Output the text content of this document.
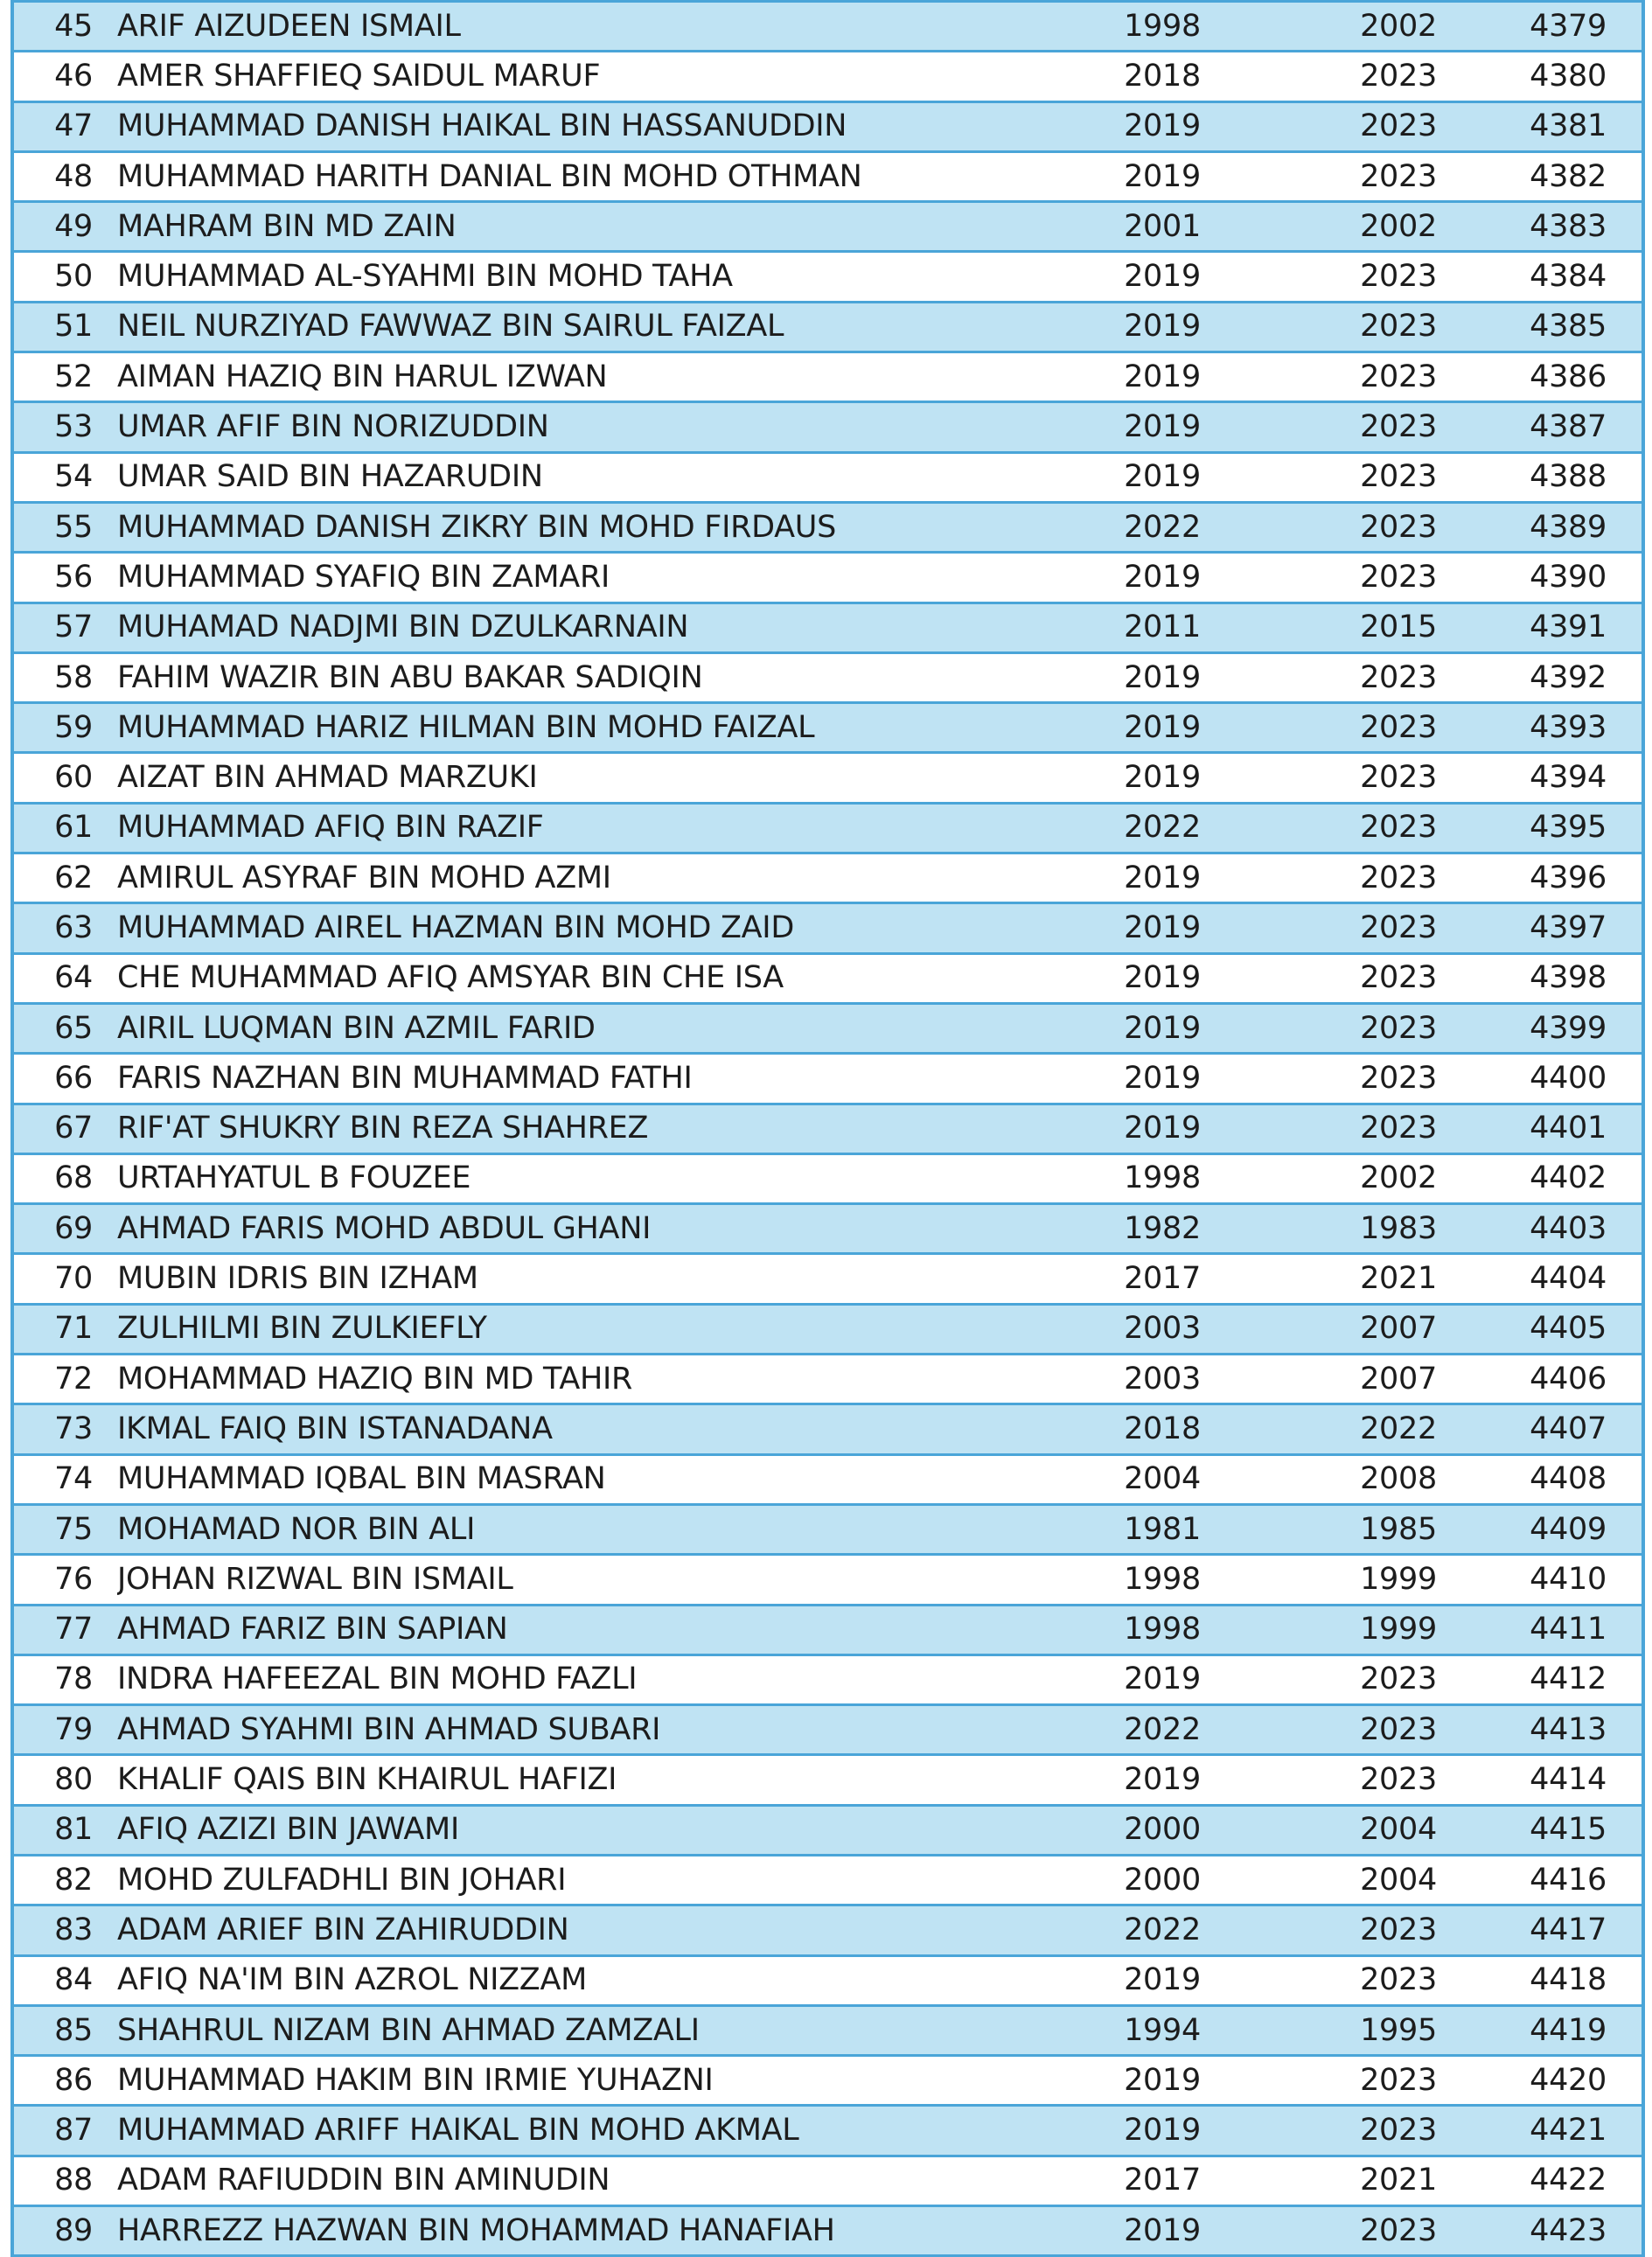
45	ARIF AIZUDEEN ISMAIL	1998	2002	4379
46	AMER SHAFFIEQ SAIDUL MARUF	2018	2023	4380
47	MUHAMMAD DANISH HAIKAL BIN HASSANUDDIN	2019	2023	4381
48	MUHAMMAD HARITH DANIAL BIN MOHD OTHMAN	2019	2023	4382
49	MAHRAM BIN MD ZAIN	2001	2002	4383
50	MUHAMMAD AL-SYAHMI BIN MOHD TAHA	2019	2023	4384
51	NEIL NURZIYAD FAWWAZ BIN SAIRUL FAIZAL	2019	2023	4385
52	AIMAN HAZIQ BIN HARUL IZWAN	2019	2023	4386
53	UMAR AFIF BIN NORIZUDDIN	2019	2023	4387
54	UMAR SAID BIN HAZARUDIN	2019	2023	4388
55	MUHAMMAD DANISH ZIKRY BIN MOHD FIRDAUS	2022	2023	4389
56	MUHAMMAD SYAFIQ BIN ZAMARI	2019	2023	4390
57	MUHAMAD NADJMI BIN DZULKARNAIN	2011	2015	4391
58	FAHIM WAZIR BIN ABU BAKAR SADIQIN	2019	2023	4392
59	MUHAMMAD HARIZ HILMAN BIN MOHD FAIZAL	2019	2023	4393
60	AIZAT BIN AHMAD MARZUKI	2019	2023	4394
61	MUHAMMAD AFIQ BIN RAZIF	2022	2023	4395
62	AMIRUL ASYRAF BIN MOHD AZMI	2019	2023	4396
63	MUHAMMAD AIREL HAZMAN BIN MOHD ZAID	2019	2023	4397
64	CHE MUHAMMAD AFIQ AMSYAR BIN CHE ISA	2019	2023	4398
65	AIRIL LUQMAN BIN AZMIL FARID	2019	2023	4399
66	FARIS NAZHAN BIN MUHAMMAD FATHI	2019	2023	4400
67	RIF'AT SHUKRY BIN REZA SHAHREZ	2019	2023	4401
68	URTAHYATUL B FOUZEE	1998	2002	4402
69	AHMAD FARIS MOHD ABDUL GHANI	1982	1983	4403
70	MUBIN IDRIS BIN IZHAM	2017	2021	4404
71	ZULHILMI BIN ZULKIEFLY	2003	2007	4405
72	MOHAMMAD HAZIQ BIN MD TAHIR	2003	2007	4406
73	IKMAL FAIQ BIN ISTANADANA	2018	2022	4407
74	MUHAMMAD IQBAL BIN MASRAN	2004	2008	4408
75	MOHAMAD NOR BIN ALI	1981	1985	4409
76	JOHAN RIZWAL BIN ISMAIL	1998	1999	4410
77	AHMAD FARIZ BIN SAPIAN	1998	1999	4411
78	INDRA HAFEEZAL BIN MOHD FAZLI	2019	2023	4412
79	AHMAD SYAHMI BIN AHMAD SUBARI	2022	2023	4413
80	KHALIF QAIS BIN KHAIRUL HAFIZI	2019	2023	4414
81	AFIQ AZIZI BIN JAWAMI	2000	2004	4415
82	MOHD ZULFADHLI BIN JOHARI	2000	2004	4416
83	ADAM ARIEF BIN ZAHIRUDDIN	2022	2023	4417
84	AFIQ NA'IM BIN AZROL NIZZAM	2019	2023	4418
85	SHAHRUL NIZAM BIN AHMAD ZAMZALI	1994	1995	4419
86	MUHAMMAD HAKIM BIN IRMIE YUHAZNI	2019	2023	4420
87	MUHAMMAD ARIFF HAIKAL BIN MOHD AKMAL	2019	2023	4421
88	ADAM RAFIUDDIN BIN AMINUDIN	2017	2021	4422
89	HARREZZ HAZWAN BIN MOHAMMAD HANAFIAH	2019	2023	4423
